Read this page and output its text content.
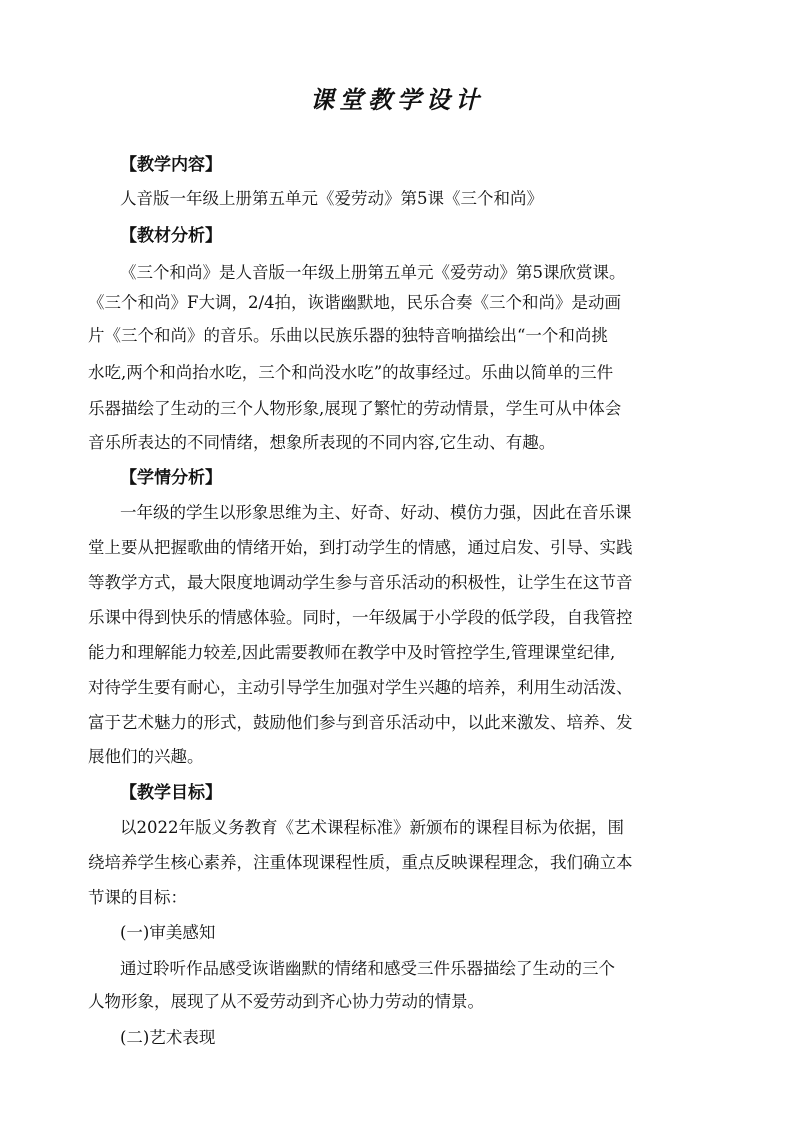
课堂教学设计
【教学内容】
人音版一年级上册第五单元《爱劳动》第5课《三个和尚》
【教材分析】
《三个和尚》是人音版一年级上册第五单元《爱劳动》第5课欣赏课。
《三个和尚》F大调，2/4拍，诙谐幽默地，民乐合奏《三个和尚》是动画
片《三个和尚》的音乐。乐曲以民族乐器的独特音响描绘出“一个和尚挑
水吃,两个和尚抬水吃，三个和尚没水吃”的故事经过。乐曲以简单的三件
乐器描绘了生动的三个人物形象,展现了繁忙的劳动情景，学生可从中体会
音乐所表达的不同情绪，想象所表现的不同内容,它生动、有趣。
【学情分析】
一年级的学生以形象思维为主、好奇、好动、模仿力强，因此在音乐课
堂上要从把握歌曲的情绪开始，到打动学生的情感，通过启发、引导、实践
等教学方式，最大限度地调动学生参与音乐活动的积极性，让学生在这节音
乐课中得到快乐的情感体验。同时，一年级属于小学段的低学段，自我管控
能力和理解能力较差,因此需要教师在教学中及时管控学生,管理课堂纪律,
对待学生要有耐心，主动引导学生加强对学生兴趣的培养，利用生动活泼、
富于艺术魅力的形式，鼓励他们参与到音乐活动中，以此来激发、培养、发
展他们的兴趣。
【教学目标】
以2022年版义务教育《艺术课程标准》新颁布的课程目标为依据，围
绕培养学生核心素养，注重体现课程性质，重点反映课程理念，我们确立本
节课的目标：
(一)审美感知
通过聆听作品感受诙谐幽默的情绪和感受三件乐器描绘了生动的三个
人物形象，展现了从不爱劳动到齐心协力劳动的情景。
(二)艺术表现
